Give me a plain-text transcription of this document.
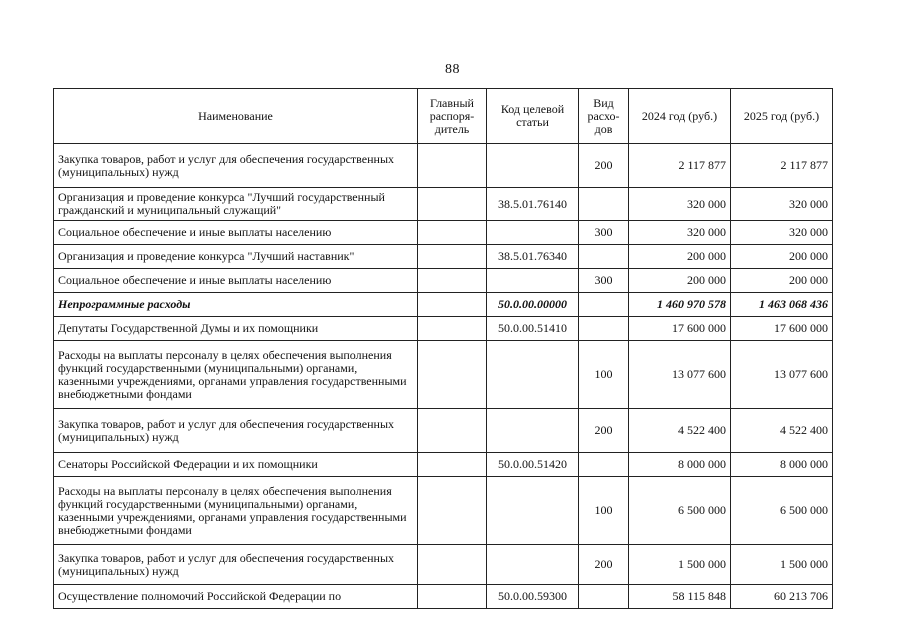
88
Наименование	Главный распоря-дитель	Код целевой статьи	Вид расхо-дов	2024 год (руб.)	2025 год (руб.)
Закупка товаров, работ и услуг для обеспечения государственных (муниципальных) нужд			200	2 117 877	2 117 877
Организация и проведение конкурса "Лучший государственный гражданский и муниципальный служащий"		38.5.01.76140		320 000	320 000
Социальное обеспечение и иные выплаты населению			300	320 000	320 000
Организация и проведение конкурса "Лучший наставник"		38.5.01.76340		200 000	200 000
Социальное обеспечение и иные выплаты населению			300	200 000	200 000
Непрограммные расходы		50.0.00.00000		1 460 970 578	1 463 068 436
Депутаты Государственной Думы и их помощники		50.0.00.51410		17 600 000	17 600 000
Расходы на выплаты персоналу в целях обеспечения выполнения функций государственными (муниципальными) органами, казенными учреждениями, органами управления государственными внебюджетными фондами			100	13 077 600	13 077 600
Закупка товаров, работ и услуг для обеспечения государственных (муниципальных) нужд			200	4 522 400	4 522 400
Сенаторы Российской Федерации и их помощники		50.0.00.51420		8 000 000	8 000 000
Расходы на выплаты персоналу в целях обеспечения выполнения функций государственными (муниципальными) органами, казенными учреждениями, органами управления государственными внебюджетными фондами			100	6 500 000	6 500 000
Закупка товаров, работ и услуг для обеспечения государственных (муниципальных) нужд			200	1 500 000	1 500 000
Осуществление полномочий Российской Федерации по		50.0.00.59300		58 115 848	60 213 706
